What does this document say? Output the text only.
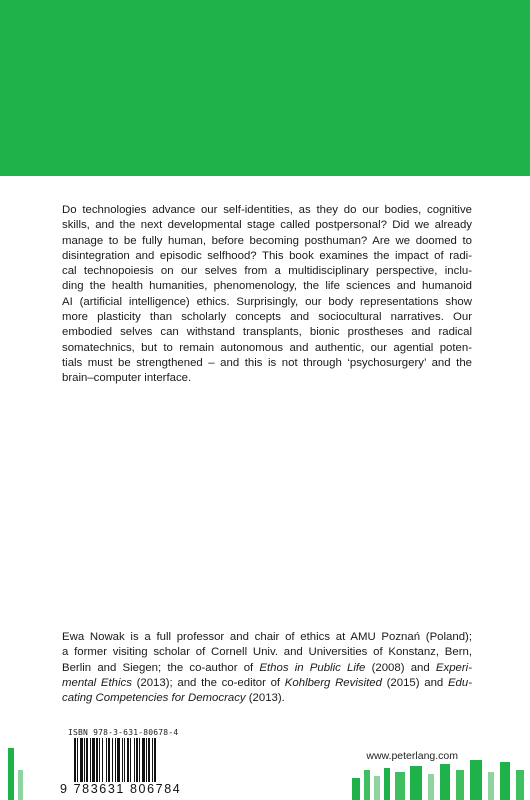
Do technologies advance our self-identities, as they do our bodies, cognitive
skills, and the next developmental stage called postpersonal? Did we already
manage to be fully human, before becoming posthuman? Are we doomed to
disintegration and episodic selfhood? This book examines the impact of radi-
cal technopoiesis on our selves from a multidisciplinary perspective, inclu-
ding the health humanities, phenomenology, the life sciences and humanoid
AI (artificial intelligence) ethics. Surprisingly, our body representations show
more plasticity than scholarly concepts and sociocultural narratives. Our
embodied selves can withstand transplants, bionic prostheses and radical
somatechnics, but to remain autonomous and authentic, our agential poten-
tials must be strengthened – and this is not through ‘psychosurgery’ and the
brain–computer interface.

Ewa Nowak is a full professor and chair of ethics at AMU Poznań (Poland);
a former visiting scholar of Cornell Univ. and Universities of Konstanz, Bern,
Berlin and Siegen; the co-author of Ethos in Public Life (2008) and Experi-
mental Ethics (2013); and the co-editor of Kohlberg Revisited (2015) and Edu-
cating Competencies for Democracy (2013).

ISBN 978-3-631-80678-4
9 783631 806784
www.peterlang.com
